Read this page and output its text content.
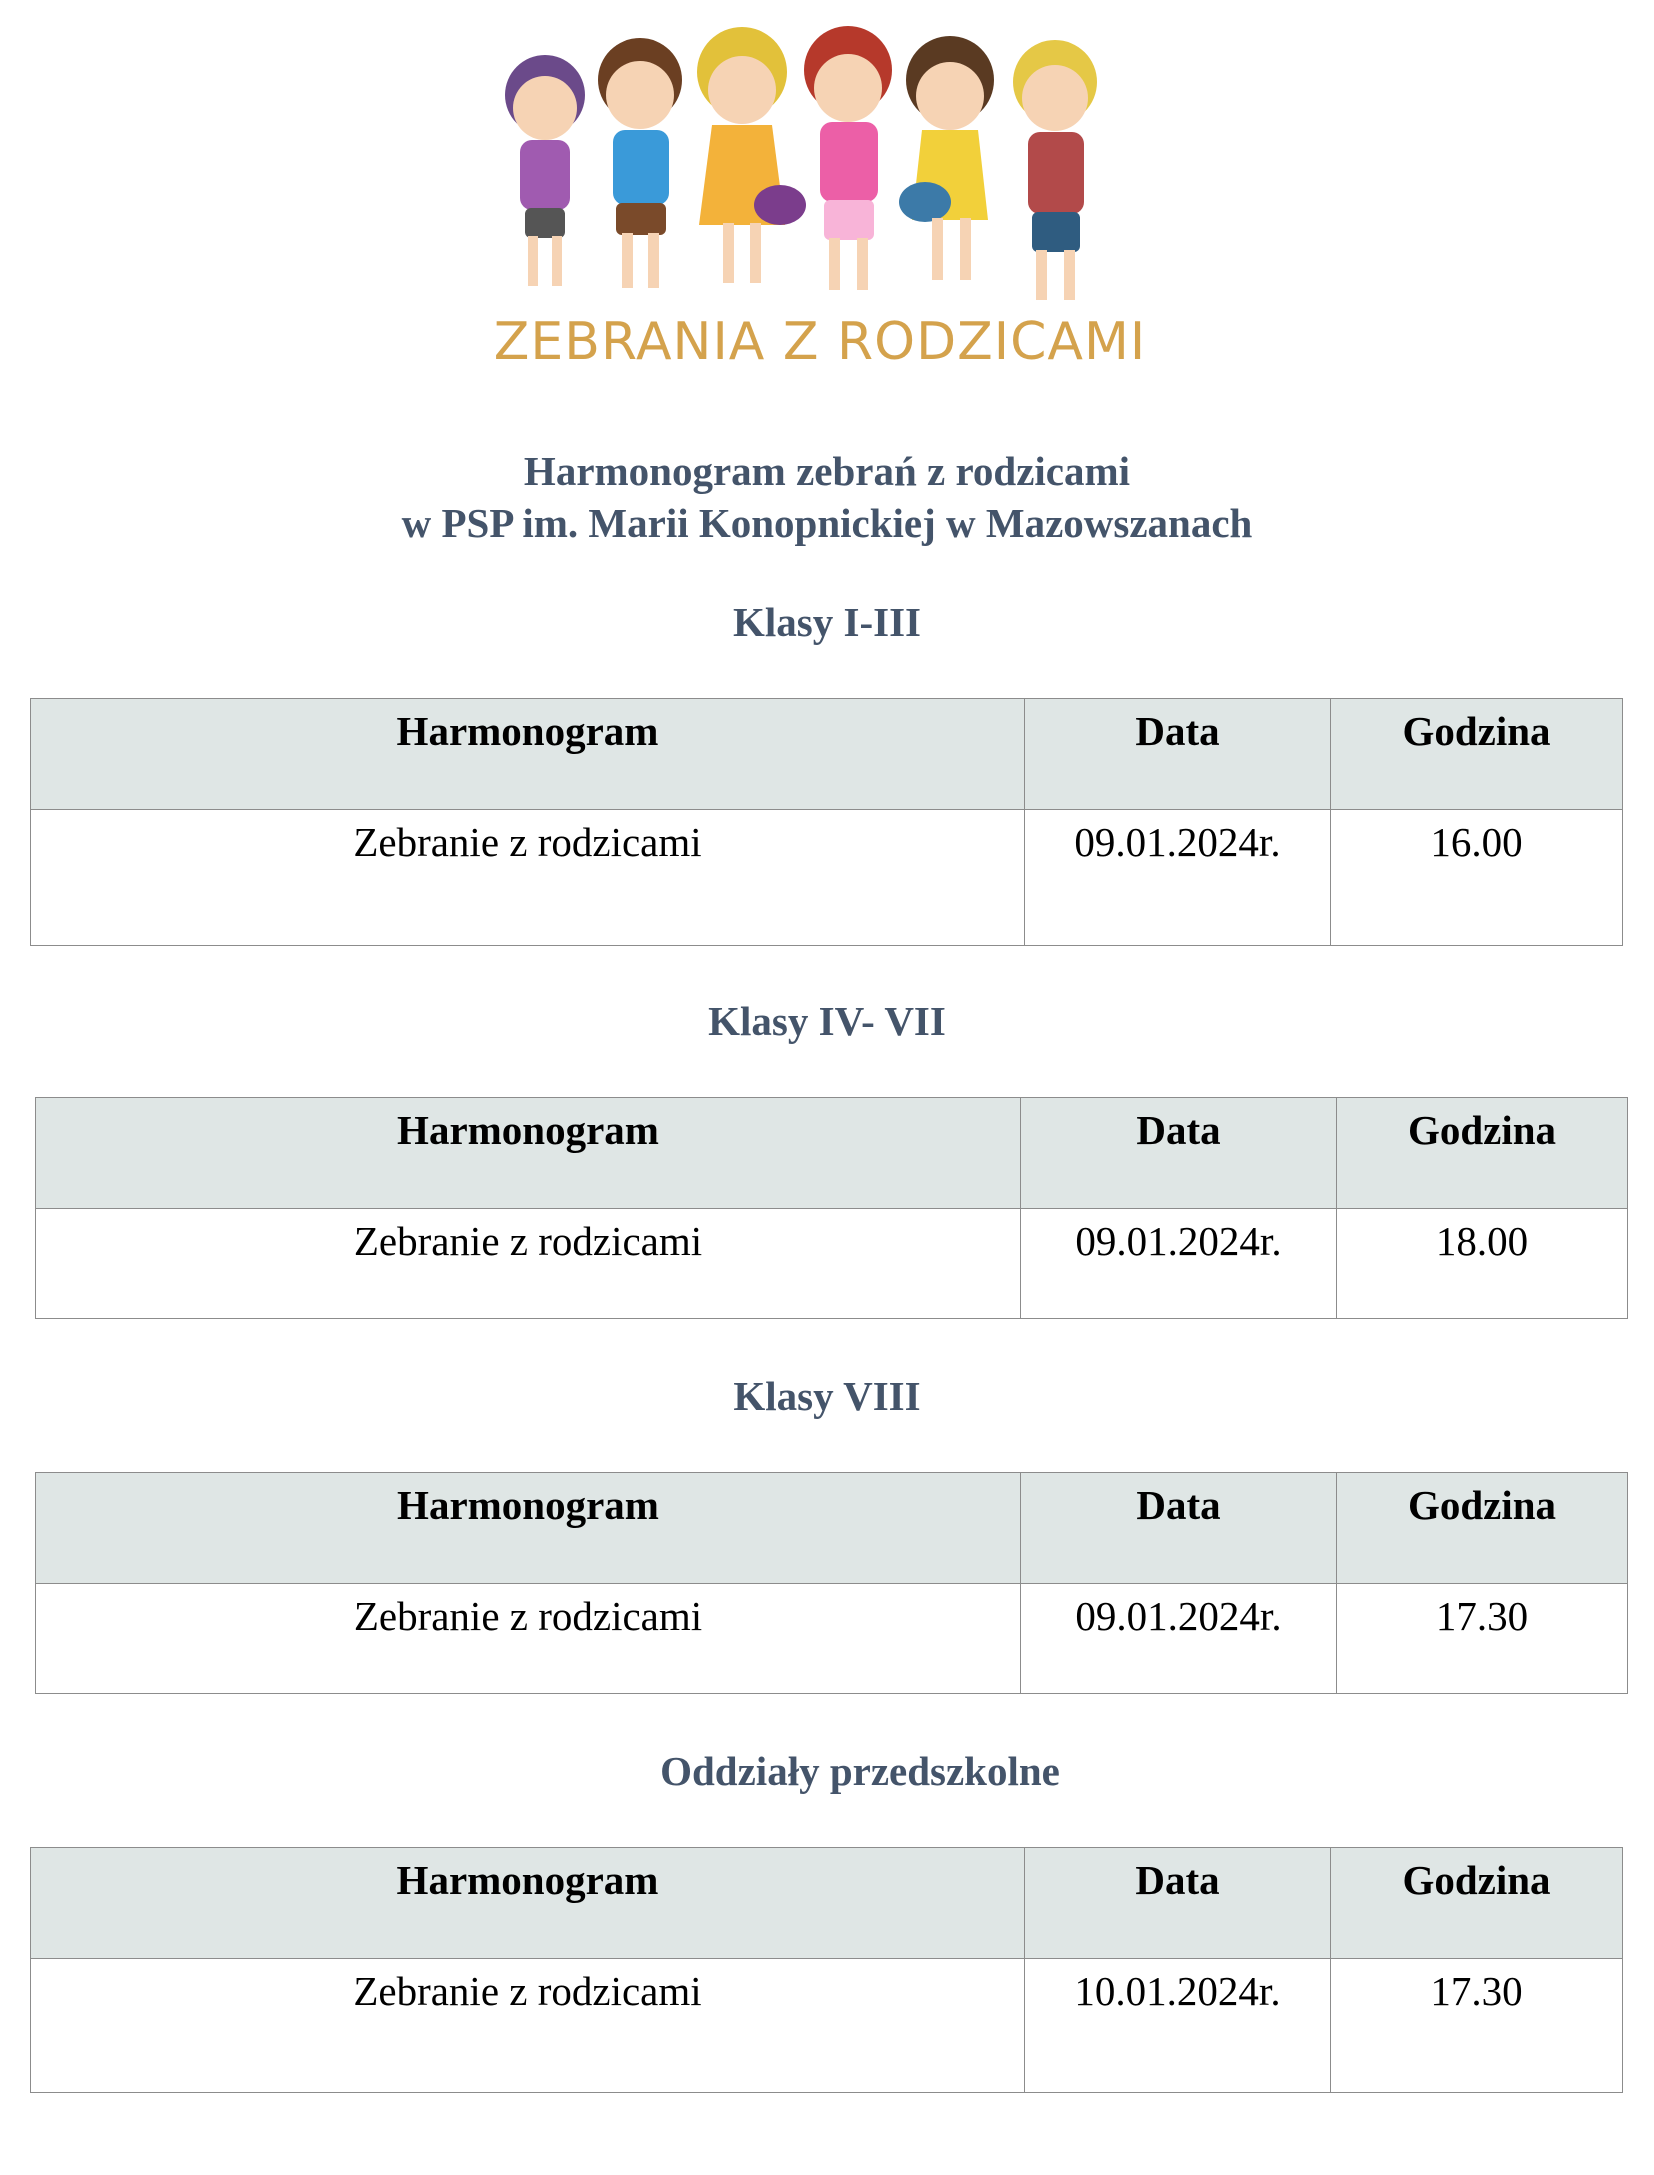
ZEBRANIA Z RODZICAMI
Harmonogram zebrań z rodzicami
w PSP im. Marii Konopnickiej w Mazowszanach
Klasy I-III
Harmonogram	Data	Godzina
Zebranie z rodzicami	09.01.2024r.	16.00
Klasy IV- VII
Harmonogram	Data	Godzina
Zebranie z rodzicami	09.01.2024r.	18.00
Klasy VIII
Harmonogram	Data	Godzina
Zebranie z rodzicami	09.01.2024r.	17.30
Oddziały przedszkolne
Harmonogram	Data	Godzina
Zebranie z rodzicami	10.01.2024r.	17.30
